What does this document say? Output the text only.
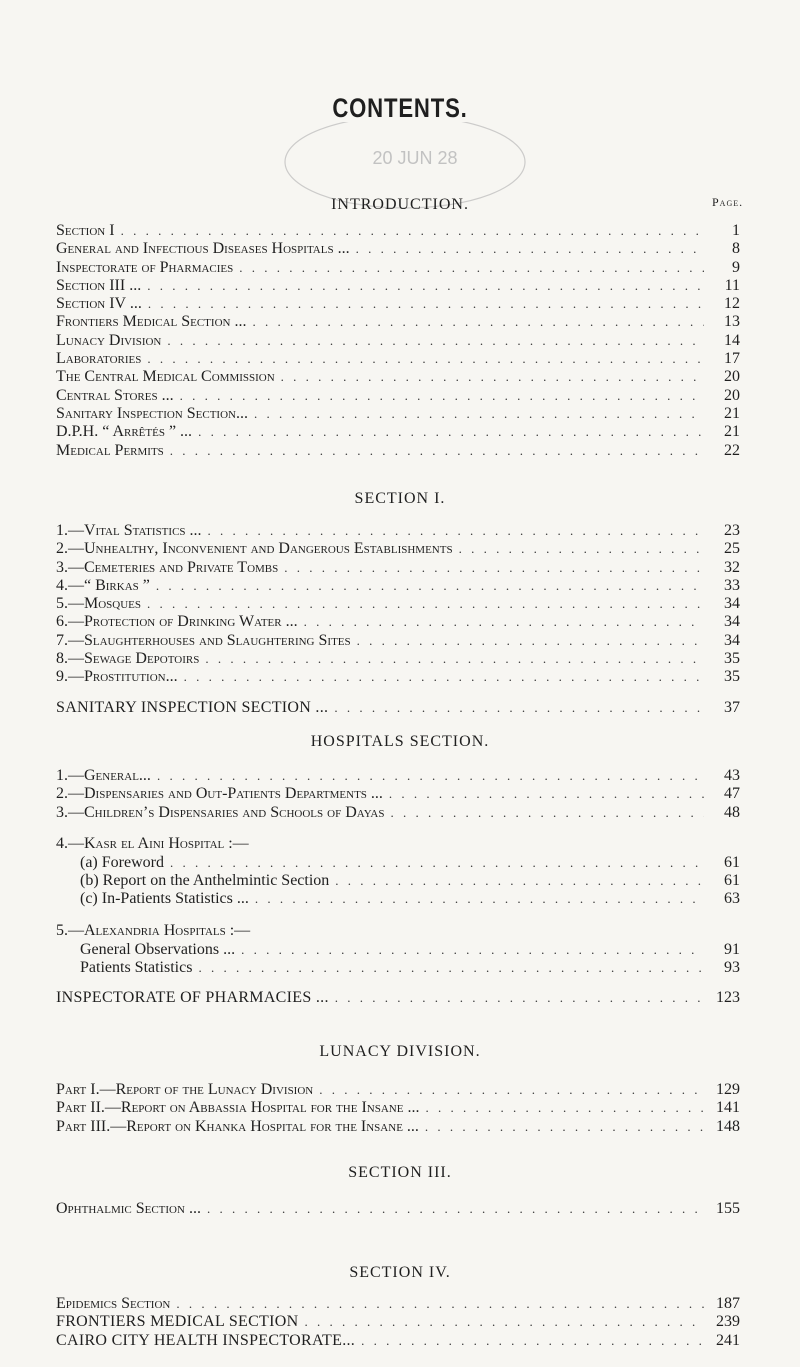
CONTENTS.
20 JUN 28
INTRODUCTION.	Page.
Section I . . .	1
General and Infectious Diseases Hospitals ... . . .	8
Inspectorate of Pharmacies . . .	9
Section III ... . . .	11
Section IV ... . . .	12
Frontiers Medical Section ... . . .	13
Lunacy Division . . .	14
Laboratories . . .	17
The Central Medical Commission . . .	20
Central Stores ... . . .	20
Sanitary Inspection Section... . . .	21
D.P.H. “ Arrêtés ” ... . . .	21
Medical Permits . . .	22
SECTION I.
1.—Vital Statistics ... . . .	23
2.—Unhealthy, Inconvenient and Dangerous Establishments . . .	25
3.—Cemeteries and Private Tombs . . .	32
4.—“ Birkas ” . . .	33
5.—Mosques . . .	34
6.—Protection of Drinking Water ... . . .	34
7.—Slaughterhouses and Slaughtering Sites . . .	34
8.—Sewage Depotoirs . . .	35
9.—Prostitution... . . .	35
SANITARY INSPECTION SECTION ... . . .	37
HOSPITALS SECTION.
1.—General... . . .	43
2.—Dispensaries and Out-Patients Departments ... . . .	47
3.—Children’s Dispensaries and Schools of Dayas . . .	48
4.—Kasr el Aini Hospital :—
(a) Foreword . . .	61
(b) Report on the Anthelmintic Section . . .	61
(c) In-Patients Statistics ... . . .	63
5.—Alexandria Hospitals :—
General Observations ... . . .	91
Patients Statistics . . .	93
INSPECTORATE OF PHARMACIES ... . . .	123
LUNACY DIVISION.
Part I.—Report of the Lunacy Division . . .	129
Part II.—Report on Abbassia Hospital for the Insane ... . . .	141
Part III.—Report on Khanka Hospital for the Insane ... . . .	148
SECTION III.
Ophthalmic Section ... . . .	155
SECTION IV.
Epidemics Section . . .	187
FRONTIERS MEDICAL SECTION . . .	239
CAIRO CITY HEALTH INSPECTORATE... . . .	241
